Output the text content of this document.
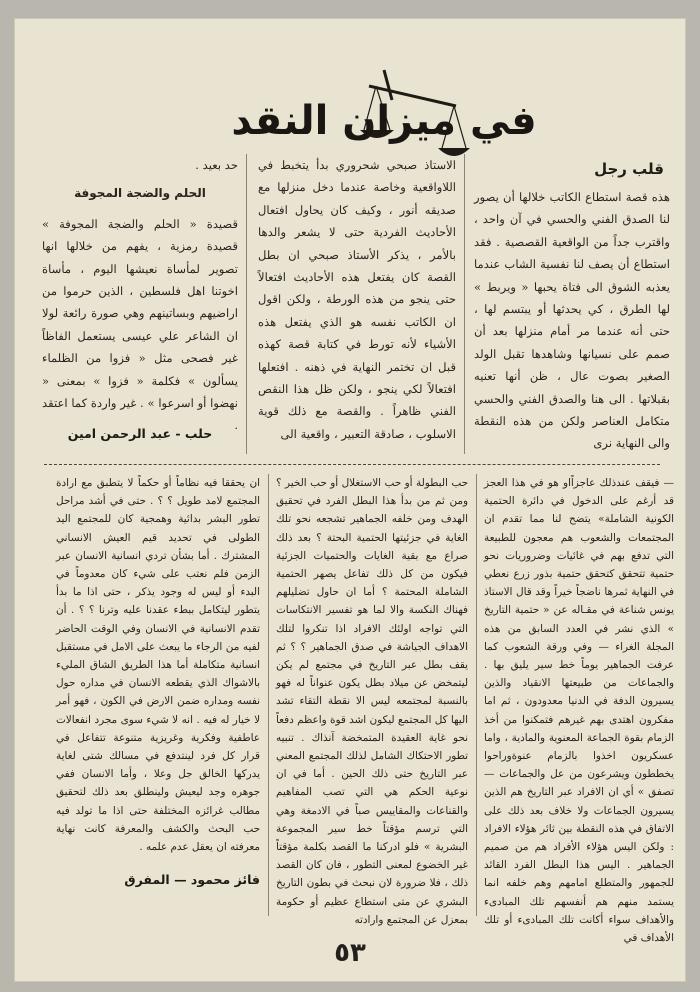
في ميزان النقد
قلب رجل

هذه قصة استطاع الكاتب خلالها أن يصور لنا الصدق الفني والحسي في آن واحد ، واقترب جداً من الواقعية القصصية . فقد استطاع أن يصف لنا نفسية الشاب عندما يعذبه الشوق الى فتاة يحبها « ويربط » لها الطرق ، كي يحدثها أو يبتسم لها ، حتى أنه عندما مر أمام منزلها بعد أن صمم على نسيانها وشاهدها تقبل الولد الصغير بصوت عال ، ظن أنها تعنيه بقبلاتها . الى هنا والصدق الفني والحسي متكامل العناصر ولكن من هذه النقطة والى النهاية نرى

الاستاذ صبحي شحروري بدأ يتخبط في اللاواقعية وخاصة عندما دخل منزلها مع صديقه أنور ، وكيف كان يحاول افتعال الأحاديث الفردية حتى لا يشعر والدها بالأمر ، يذكر الأستاذ صبحي ان بطل القصة كان يفتعل هذه الأحاديث افتعالاً حتى ينجو من هذه الورطة ، ولكن اقول ان الكاتب نفسه هو الذي يفتعل هذه الأشياء لأنه تورط في كتابة قصة كهذه قبل ان تختمر النهاية في ذهنه . افتعلها افتعالاً لكي ينجو ، ولكن ظل هذا النقص الفني ظاهراً . والقصة مع ذلك قوية الاسلوب ، صادقة التعبير ، واقعية الى

حد بعيد .

الحلم والضجة المجوفة

قصيدة « الحلم والضجة المجوفة » قصيدة رمزية ، يفهم من خلالها انها تصوير لمأساة نعيشها اليوم ، مأساة اخوتنا اهل فلسطين ، الذين حرموا من اراضيهم وبساتينهم وهي صورة رائعة لولا ان الشاعر علي عيسى يستعمل الفاظاً غير فصحى مثل « فزوا من الظلماء يسألون » فكلمة « فزوا » بمعنى « نهضوا أو اسرعوا » . غير واردة كما اعتقد .

حلب - عبد الرحمن امين

— فيقف عندذلك عاجزاًاو هو في هذا العجز قد أرغم على الدخول في دائرة الحتمية الكونية الشاملة» يتضح لنا مما تقدم ان المجتمعات والشعوب هم معجون للطبيعة التي تدفع بهم في غائيات وضروريات نحو حتمية تتحقق كتحقق حتمية بذور زرع نعطي في النهاية ثمرها ناضجاً خيراً وقد قال الاستاذ يونس شناعة في مقـاله عن « حتمية التاريخ » الذي نشر في العدد السابق من هذه المجلة الغراء — وفي ورقة الشعوب كما عرفت الجماهير يوماً خط سير يليق بها . والجماعات من طبيعتها الانقياد والذين يسيرون الدفة في الدنيا معدودون ، ثم اما مفكرون اهتدى بهم غيرهم فتمكنوا من أخذ الزمام بقوة الجماعة المعنوية والمادية ، واما عسكريون اخذوا بالزمام عنوةوراحوا يخططون ويشرعون من عل والجماعات — تصفق » أي ان الافراد عبر التاريخ هم الذين يسيرون الجماعات ولا خلاف بعد ذلك على الاتفاق في هذه النقطة بين ثائر هؤلاء الافراد : ولكن اليس هؤلاء الأفراد هم من صميم الجماهير . اليس هذا البطل الفرد القائد للجمهور والمتطلع امامهم وهم خلفه انما يستمد منهم هم أنفسهم تلك المبادىء والأهداف سواء أكانت تلك المبادىء أو تلك الأهداف في

حب البطولة أو حب الاستغلال أو حب الخير ؟ ومن ثم من بدأ هذا البطل الفرد في تحقيق الهدف ومن خلفه الجماهير تشجعه نحو تلك الغاية في جزئيتها الحتمية البحتة ؟ بعد ذلك صراع مع بقية الغايات والحتميات الجزئية فيكون من كل ذلك تفاعل يصهر الحتمية الشاملة المحتمة ؟ أما ان حاول تضليلهم فهناك النكسة والا لما هو تفسير الانتكاسات التي تواجه اولئك الافراد اذا تنكروا لتلك الاهداف الجياشة في صدق الجماهير ؟ ؟ ثم يقف بطل عبر التاريخ في مجتمع لم يكن ليتمخض عن ميلاد بطل يكون عنواناً له فهو بالنسبة لمجتمعه ليس الا نقطة التقاء تشد اليها كل المجتمع ليكون اشد قوة واعظم دفعاً نحو غاية العقيدة المتمخضة آنذاك . تنبيه تطور الاحتكاك الشامل لذلك المجتمع المعني عبر التاريخ حتى ذلك الحين . أما في ان نوعية الحكم هي التي تصب المفاهيم والقناعات والمقاييس صباً في الادمغة وهي التي ترسم مؤقتاً خط سير المجموعة البشرية » فلو ادركنا ما القصد بكلمة مؤقتاً غير الخضوع لمعنى التطور ، فان كان القصد ذلك ، فلا ضرورة لان نبحث في بطون التاريخ البشري عن متى استطاع عظيم أو حكومة بمعزل عن المجتمع وارادته

ان يحققا فيه نظاماً أو حكماً لا يتطبق مع ارادة المجتمع لامد طويل ؟ ؟ . حتى في أشد مراحل تطور البشر بدائية وهمجية كان للمجتمع اليد الطولى في تحديد قيم العيش الانساني المشترك . أما بشأن تردي انسانية الانسان عبر الزمن فلم نعتب على شيء كان معدوماً في البدء أو ليس له وجود يذكر ، حتى اذا ما بدأ يتطور ليتكامل ببطء عقدنا عليه وترنا ؟ ؟ . أن تقدم الانسانية في الانسان وفي الوقت الحاضر لفيه من الرجاء ما يبعث على الامل في مستقبل انسانية متكاملة أما هذا الطريق الشاق المليء بالاشواك الذي يقطعه الانسان في مداره حول نفسه ومداره ضمن الارض في الكون ، فهو أمر لا خيار له فيه . انه لا شيء سوى مجرد انفعالات عاطفية وفكرية وغريزية متنوعة تتفاعل في قرار كل فرد لينتدفع في مسالك شتى لغاية يدركها الخالق جل وعلا ، وأما الانسان ففي جوهره وجد ليعيش ولينطلق بعد ذلك لتحقيق مطالب غرائزه المختلفة حتى اذا ما تولد فيه حب البحث والكشف والمعرفة كانت نهاية معرفته ان يعقل عدم علمه .

فائز محمود — المفرق
٥٣
